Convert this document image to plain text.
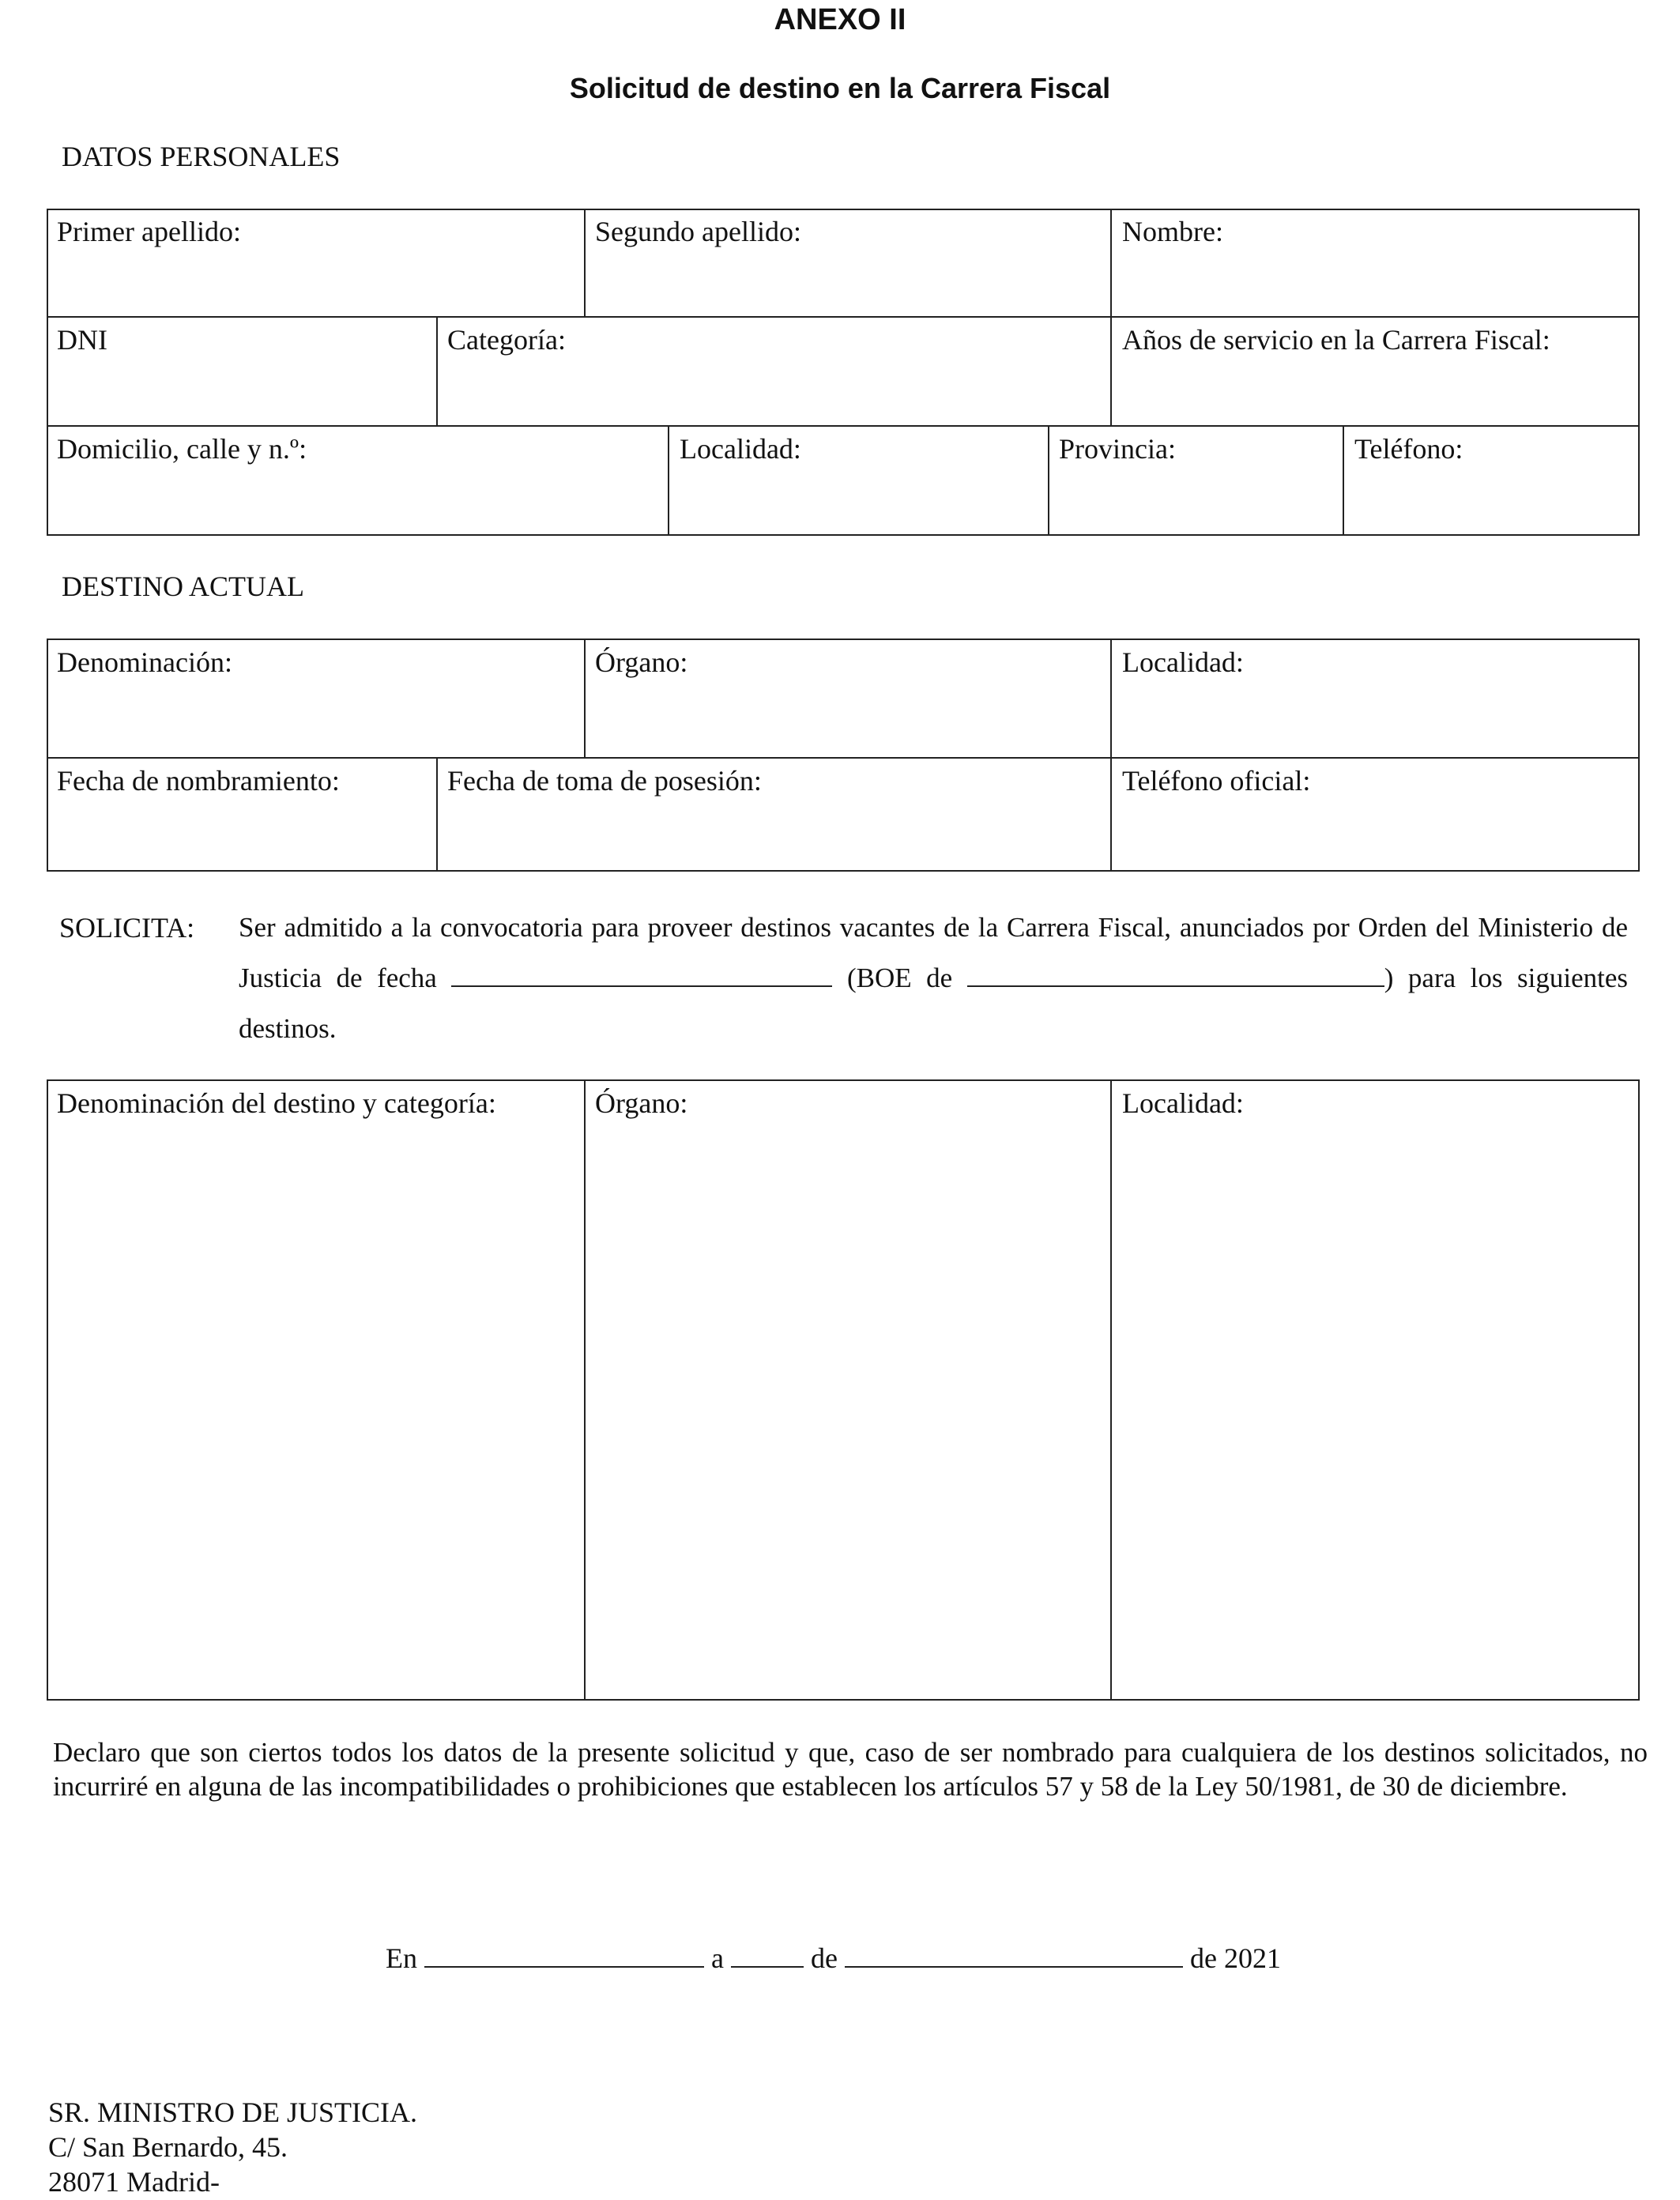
ANEXO II
Solicitud de destino en la Carrera Fiscal
DATOS PERSONALES
Primer apellido:	Segundo apellido:	Nombre:
DNI	Categoría:	Años de servicio en la Carrera Fiscal:
Domicilio, calle y n.º:	Localidad:	Provincia:	Teléfono:
DESTINO ACTUAL
Denominación:	Órgano:	Localidad:
Fecha de nombramiento:	Fecha de toma de posesión:	Teléfono oficial:
SOLICITA: Ser admitido a la convocatoria para proveer destinos vacantes de la Carrera Fiscal, anunciados por Orden del Ministerio de Justicia de fecha	(BOE de	) para los siguientes destinos.
Denominación del destino y categoría:	Órgano:	Localidad:
Declaro que son ciertos todos los datos de la presente solicitud y que, caso de ser nombrado para cualquiera de los destinos solicitados, no incurriré en alguna de las incompatibilidades o prohibiciones que establecen los artículos 57 y 58 de la Ley 50/1981, de 30 de diciembre.
En	a	de	de 2021
SR. MINISTRO DE JUSTICIA.
C/ San Bernardo, 45.
28071 Madrid-
